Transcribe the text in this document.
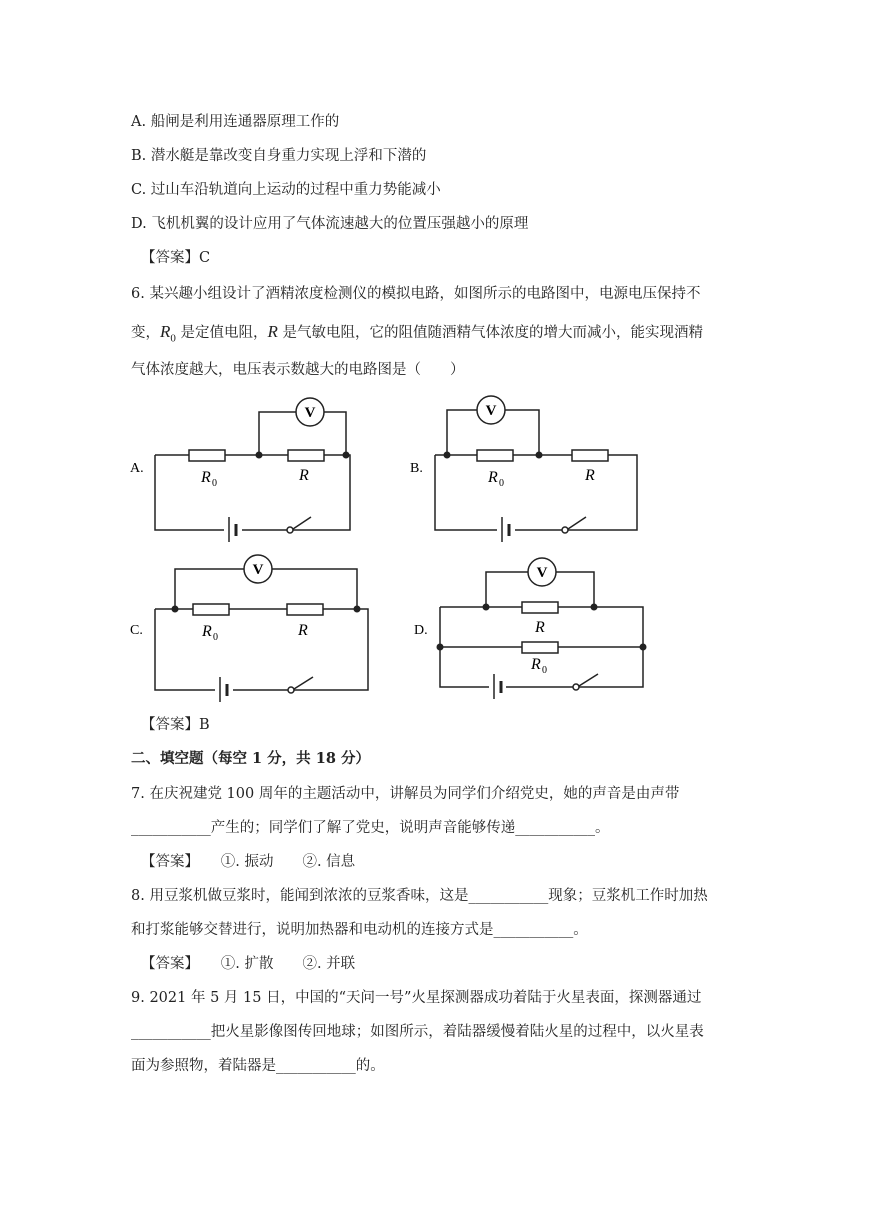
A. 船闸是利用连通器原理工作的
B. 潜水艇是靠改变自身重力实现上浮和下潜的
C. 过山车沿轨道向上运动的过程中重力势能减小
D. 飞机机翼的设计应用了气体流速越大的位置压强越小的原理
【答案】C
6. 某兴趣小组设计了酒精浓度检测仪的模拟电路，如图所示的电路图中，电源电压保持不
变，$R_0$ 是定值电阻，R 是气敏电阻，它的阻值随酒精气体浓度的增大而减小，能实现酒精
气体浓度越大，电压表示数越大的电路图是（　　）
V
R 0	R
A.
V
R 0	R
B.
V
R 0	R
C.
V
R
R 0
D.
【答案】B
二、填空题（每空 1 分，共 18 分）
7. 在庆祝建党 100 周年的主题活动中，讲解员为同学们介绍党史，她的声音是由声带
___________产生的；同学们了解了党史，说明声音能够传递___________。
【答案】　　①. 振动　　②. 信息
8. 用豆浆机做豆浆时，能闻到浓浓的豆浆香味，这是___________现象；豆浆机工作时加热
和打浆能够交替进行，说明加热器和电动机的连接方式是___________。
【答案】　　①. 扩散　　②. 并联
9. 2021 年 5 月 15 日，中国的“天问一号”火星探测器成功着陆于火星表面，探测器通过
___________把火星影像图传回地球；如图所示，着陆器缓慢着陆火星的过程中，以火星表
面为参照物，着陆器是___________的。
